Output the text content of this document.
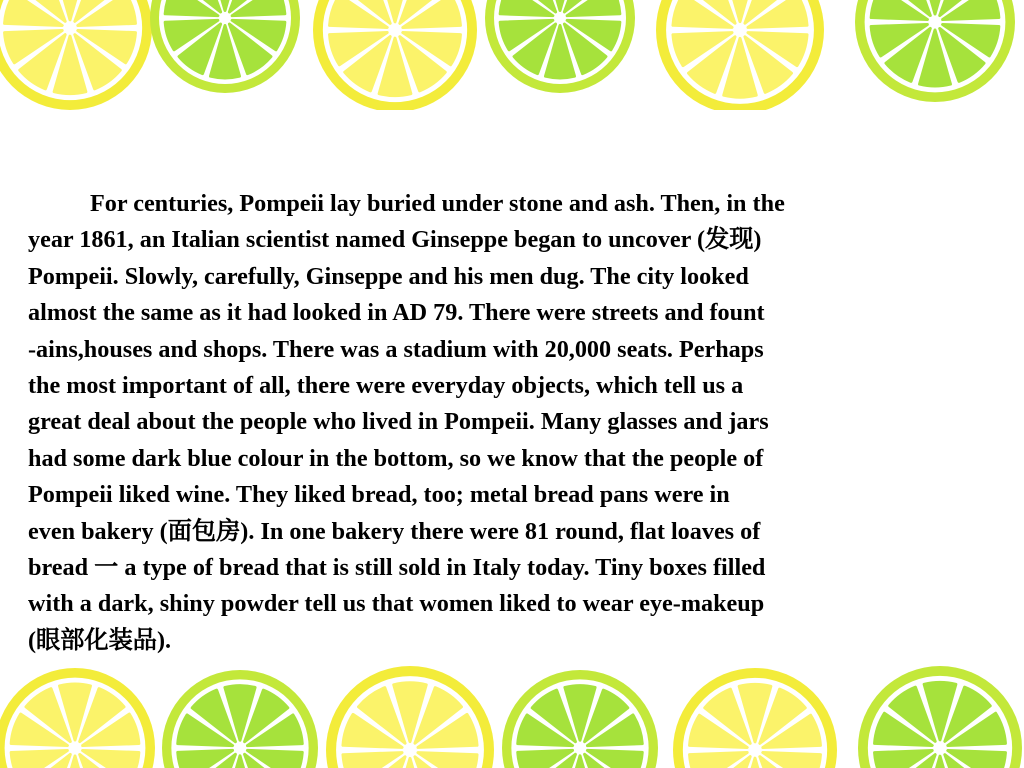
For centuries, Pompeii lay buried under stone and ash. Then, in the
year 1861, an Italian scientist named Ginseppe began to uncover (发现)
Pompeii. Slowly, carefully, Ginseppe and his men dug. The city looked
almost the same as it had looked in AD 79. There were streets and fount
-ains,houses and shops. There was a stadium with 20,000 seats. Perhaps
the most important of all, there were everyday objects, which tell us a
great deal about the people who lived in Pompeii. Many glasses and jars
had some dark blue colour in the bottom, so we know that the people of
Pompeii liked wine. They liked bread, too; metal bread pans were in
even bakery (面包房). In one bakery there were 81 round, flat loaves of
bread 一 a type of bread that is still sold in Italy today. Tiny boxes filled
with a dark, shiny powder tell us that women liked to wear eye-makeup
(眼部化装品).
